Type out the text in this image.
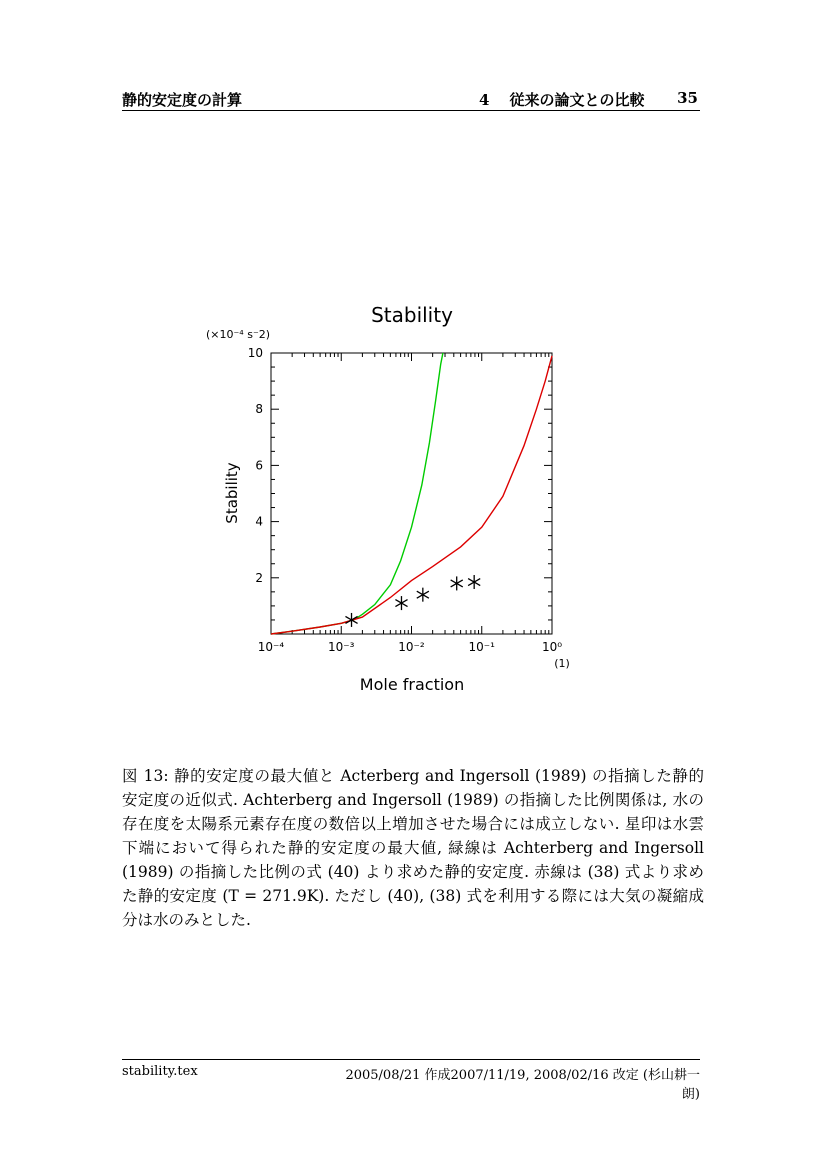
静的安定度の計算	4 従来の論文との比較 35
Stability
(×10⁻⁴ s⁻2)
10⁻⁴	10⁻³	10⁻²	10⁻¹	10⁰
2
4
6
8
10
(1)
Mole fraction
Stability
図 13: 静的安定度の最大値と Acterberg and Ingersoll (1989) の指摘した静的安定度の近似式. Achterberg and Ingersoll (1989) の指摘した比例関係は, 水の存在度を太陽系元素存在度の数倍以上増加させた場合には成立しない. 星印は水雲下端において得られた静的安定度の最大値, 緑線は Achterberg and Ingersoll (1989) の指摘した比例の式 (40) より求めた静的安定度. 赤線は (38) 式より求めた静的安定度 (T = 271.9K). ただし (40), (38) 式を利用する際には大気の凝縮成分は水のみとした.
stability.tex	2005/08/21 作成2007/11/19, 2008/02/16 改定 (杉山耕一朗)
